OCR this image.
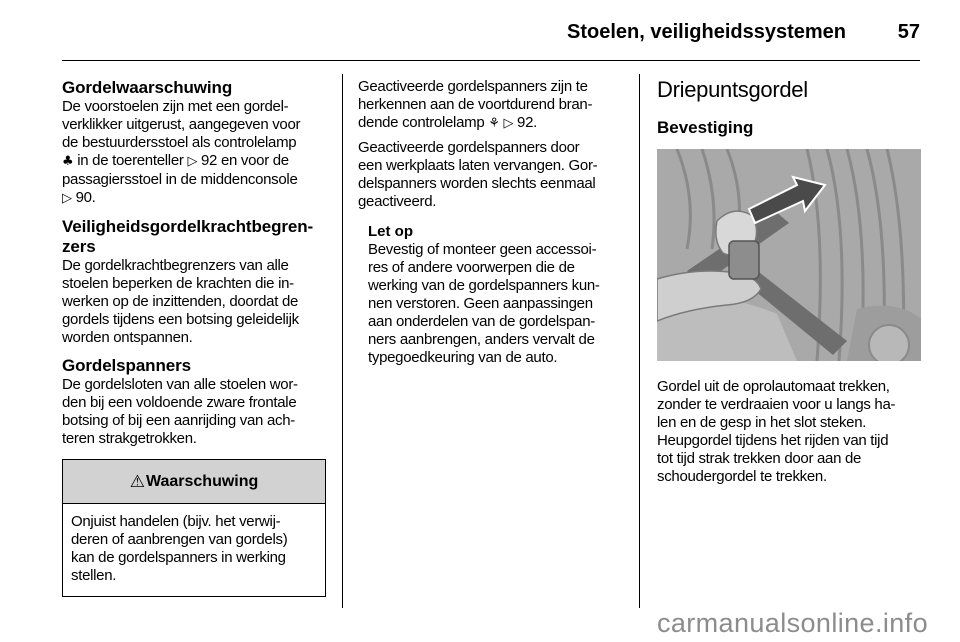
Stoelen, veiligheidssystemen	57
Gordelwaarschuwing

De voorstoelen zijn met een gordel-
verklikker uitgerust, aangegeven voor
de bestuurdersstoel als controlelamp
♣ in de toerenteller ▷ 92 en voor de
passagiersstoel in de middenconsole
▷ 90.

Veiligheidsgordelkrachtbegren-
zers

De gordelkrachtbegrenzers van alle
stoelen beperken de krachten die in-
werken op de inzittenden, doordat de
gordels tijdens een botsing geleidelijk
worden ontspannen.

Gordelspanners

De gordelsloten van alle stoelen wor-
den bij een voldoende zware frontale
botsing of bij een aanrijding van ach-
teren strakgetrokken.

⚠ Waarschuwing

Onjuist handelen (bijv. het verwij-
deren of aanbrengen van gordels)
kan de gordelspanners in werking
stellen.

Geactiveerde gordelspanners zijn te
herkennen aan de voortdurend bran-
dende controlelamp ⚘ ▷ 92.

Geactiveerde gordelspanners door
een werkplaats laten vervangen. Gor-
delspanners worden slechts eenmaal
geactiveerd.

Let op

Bevestig of monteer geen accessoi-
res of andere voorwerpen die de
werking van de gordelspanners kun-
nen verstoren. Geen aanpassingen
aan onderdelen van de gordelspan-
ners aanbrengen, anders vervalt de
typegoedkeuring van de auto.

Driepuntsgordel
Bevestiging

Gordel uit de oprolautomaat trekken,
zonder te verdraaien voor u langs ha-
len en de gesp in het slot steken.
Heupgordel tijdens het rijden van tijd
tot tijd strak trekken door aan de
schoudergordel te trekken.

carmanualsonline.info
